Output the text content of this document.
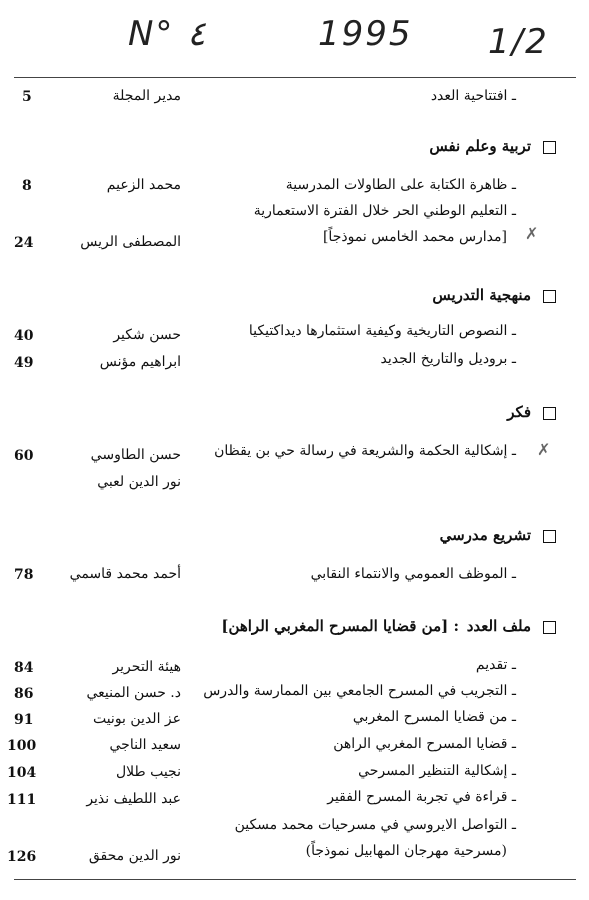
N° ٤	1995 1/2
ـ افتتاحية العدد
مدير المجلة
5
تربية وعلم نفس
ـ ظاهرة الكتابة على الطاولات المدرسية
محمد الزعيم
8
ـ التعليم الوطني الحر خلال الفترة الاستعمارية
[مدارس محمد الخامس نموذجاً] ✗
المصطفى الريس
24
منهجية التدريس
ـ النصوص التاريخية وكيفية استثمارها ديداكتيكيا
حسن شكير
40
ـ بروديل والتاريخ الجديد
ابراهيم مؤنس
49
فكر
✗
ـ إشكالية الحكمة والشريعة في رسالة حي بن يقظان
حسن الطاوسي
60
نور الدين لعبي
تشريع مدرسي
ـ الموظف العمومي والانتماء النقابي
أحمد محمد قاسمي
78
ملف العدد
: [من قضايا المسرح المغربي الراهن]
ـ تقديم
هيئة التحرير
84
ـ التجريب في المسرح الجامعي بين الممارسة والدرس
د. حسن المنيعي
86
ـ من قضايا المسرح المغربي
عز الدين بونيت
91
ـ قضايا المسرح المغربي الراهن
سعيد الناجي
100
ـ إشكالية التنظير المسرحي
نجيب طلال
104
ـ قراءة في تجربة المسرح الفقير
عبد اللطيف نذير
111
ـ التواصل الايروسي في مسرحيات محمد مسكين
(مسرحية مهرجان المهابيل نموذجاً)
نور الدين محقق
126
